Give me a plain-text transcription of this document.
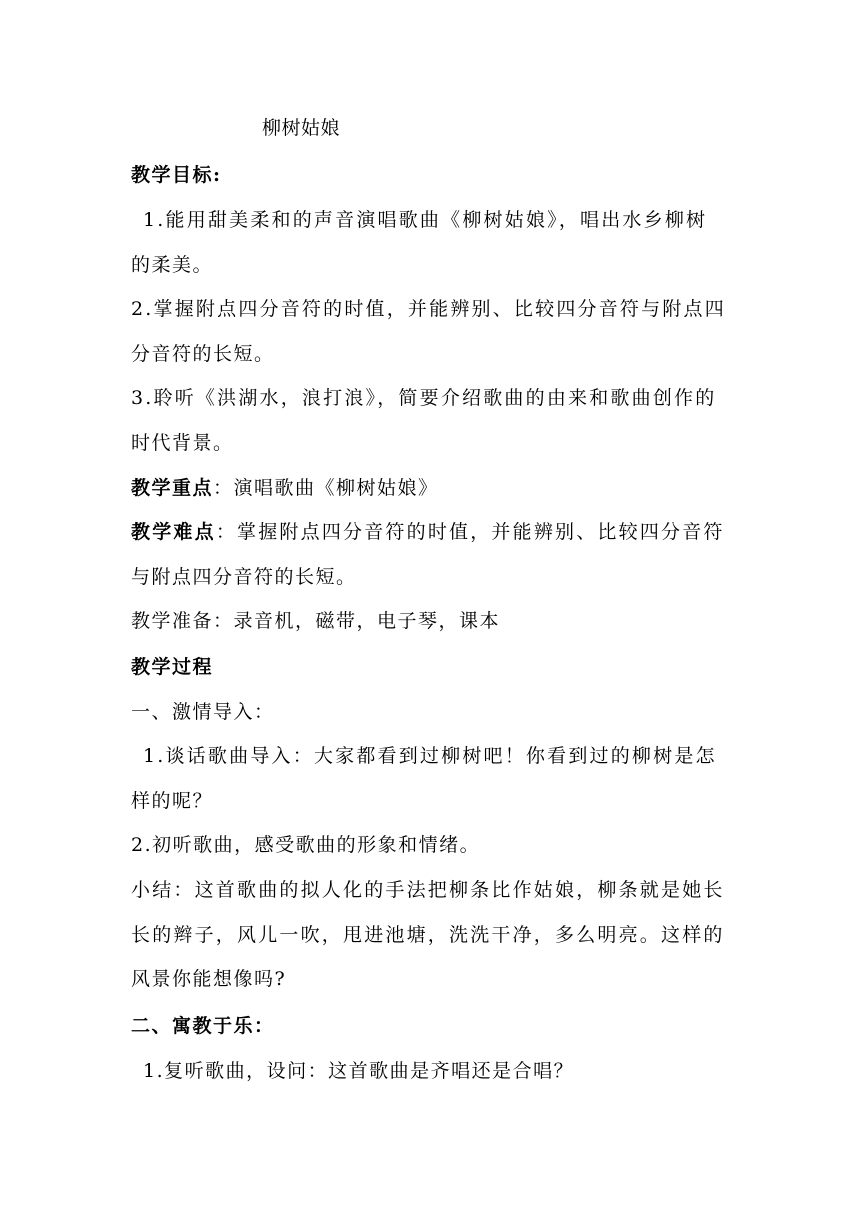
柳树姑娘
教学目标:
1.能用甜美柔和的声音演唱歌曲《柳树姑娘》，唱出水乡柳树
的柔美。
2.掌握附点四分音符的时值，并能辨别、比较四分音符与附点四
分音符的长短。
3.聆听《洪湖水，浪打浪》，简要介绍歌曲的由来和歌曲创作的
时代背景。
教学重点：演唱歌曲《柳树姑娘》
教学难点：掌握附点四分音符的时值，并能辨别、比较四分音符
与附点四分音符的长短。
教学准备：录音机，磁带，电子琴，课本
教学过程
一、激情导入：
1.谈话歌曲导入：大家都看到过柳树吧！你看到过的柳树是怎
样的呢？
2.初听歌曲，感受歌曲的形象和情绪。
小结：这首歌曲的拟人化的手法把柳条比作姑娘，柳条就是她长
长的辫子，风儿一吹，甩进池塘，洗洗干净，多么明亮。这样的
风景你能想像吗?
二、寓教于乐：
1.复听歌曲，设问：这首歌曲是齐唱还是合唱？
